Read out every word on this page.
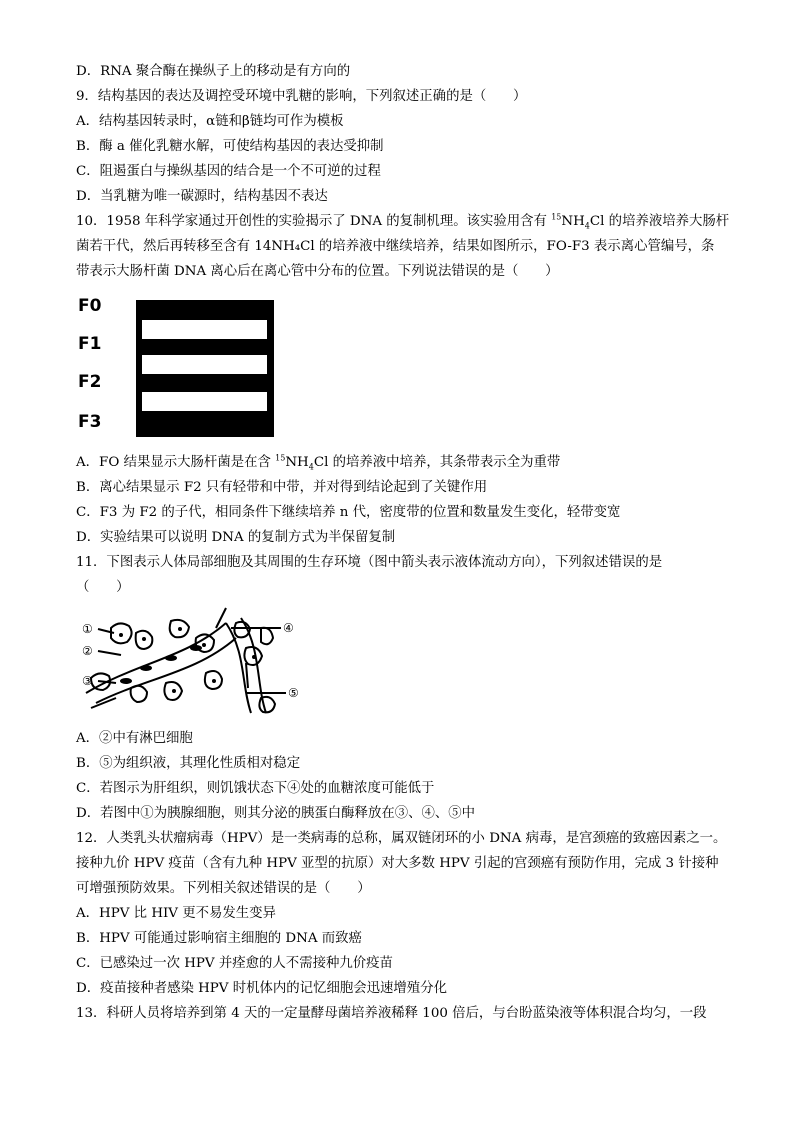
D．RNA 聚合酶在操纵子上的移动是有方向的
9．结构基因的表达及调控受环境中乳糖的影响，下列叙述正确的是（　　）
A．结构基因转录时，α链和β链均可作为模板
B．酶 a 催化乳糖水解，可使结构基因的表达受抑制
C．阻遏蛋白与操纵基因的结合是一个不可逆的过程
D．当乳糖为唯一碳源时，结构基因不表达
10．1958 年科学家通过开创性的实验揭示了 DNA 的复制机理。该实验用含有 $^{15}NH_4Cl$ 的培养液培养大肠杆
菌若干代，然后再转移至含有 14NH₄Cl 的培养液中继续培养，结果如图所示，FO-F3 表示离心管编号，条
带表示大肠杆菌 DNA 离心后在离心管中分布的位置。下列说法错误的是（　　）
F0
F1
F2
F3
A．FO 结果显示大肠杆菌是在含 $^{15}NH_4Cl$ 的培养液中培养，其条带表示全为重带
B．离心结果显示 F2 只有轻带和中带，并对得到结论起到了关键作用
C．F3 为 F2 的子代，相同条件下继续培养 n 代，密度带的位置和数量发生变化，轻带变宽
D．实验结果可以说明 DNA 的复制方式为半保留复制
11．下图表示人体局部细胞及其周围的生存环境（图中箭头表示液体流动方向），下列叙述错误的是
（　　）
①
②
③
④
⑤
A．②中有淋巴细胞
B．⑤为组织液，其理化性质相对稳定
C．若图示为肝组织，则饥饿状态下④处的血糖浓度可能低于
D．若图中①为胰腺细胞，则其分泌的胰蛋白酶释放在③、④、⑤中
12．人类乳头状瘤病毒（HPV）是一类病毒的总称，属双链闭环的小 DNA 病毒，是宫颈癌的致癌因素之一。
接种九价 HPV 疫苗（含有九种 HPV 亚型的抗原）对大多数 HPV 引起的宫颈癌有预防作用，完成 3 针接种
可增强预防效果。下列相关叙述错误的是（　　）
A．HPV 比 HIV 更不易发生变异
B．HPV 可能通过影响宿主细胞的 DNA 而致癌
C．已感染过一次 HPV 并痊愈的人不需接种九价疫苗
D．疫苗接种者感染 HPV 时机体内的记忆细胞会迅速增殖分化
13．科研人员将培养到第 4 天的一定量酵母菌培养液稀释 100 倍后，与台盼蓝染液等体积混合均匀，一段
